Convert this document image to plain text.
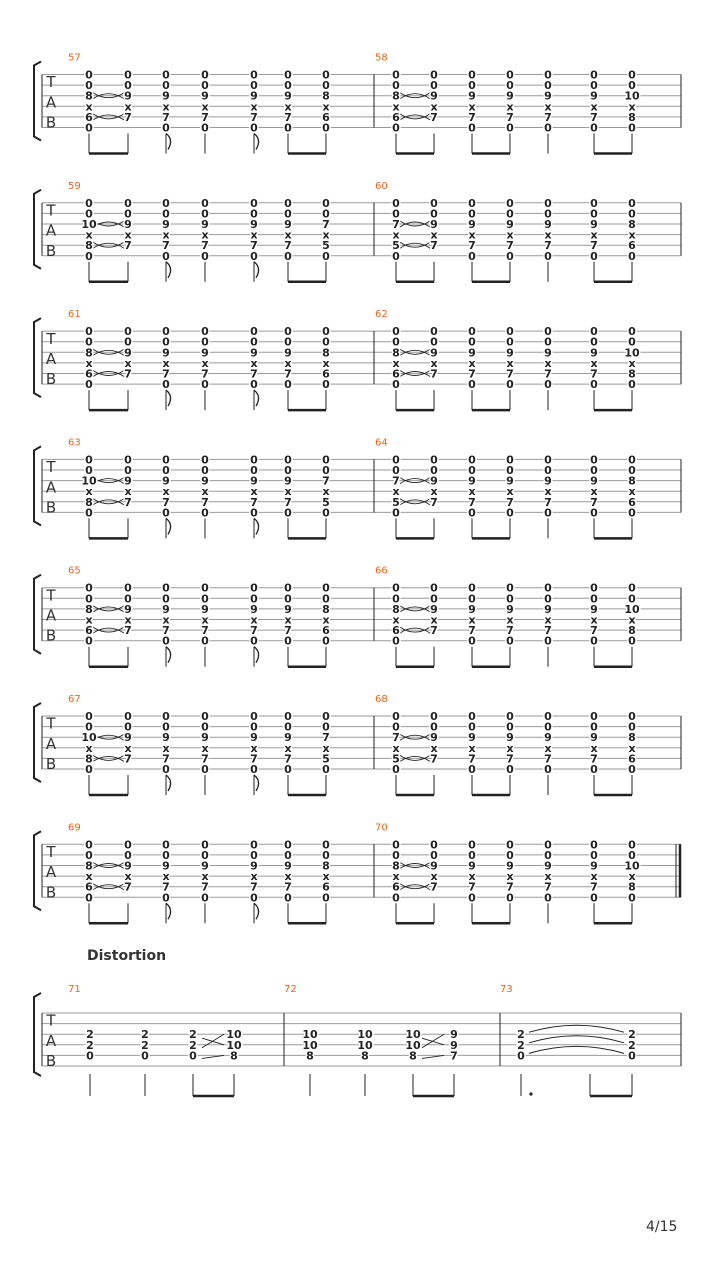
T
A
B
57
0
0
8
x
6
0
0
0
9
x
7
0
0
9
x
7
0
0
0
9
x
7
0
0
0
9
x
7
0
0
0
9
x
7
0
0
0
8
x
6
0
58
0
0
8
x
6
0
0
0
9
x
7
0
0
9
x
7
0
0
0
9
x
7
0
0
0
9
x
7
0
0
0
9
x
7
0
0
0
10
x
8
0
T
A
B
59
0
0
10
x
8
0
0
0
9
x
7
0
0
9
x
7
0
0
0
9
x
7
0
0
0
9
x
7
0
0
0
9
x
7
0
0
0
7
x
5
0
60
0
0
7
x
5
0
0
0
9
x
7
0
0
9
x
7
0
0
0
9
x
7
0
0
0
9
x
7
0
0
0
9
x
7
0
0
0
8
x
6
0
T
A
B
61
0
0
8
x
6
0
0
0
9
x
7
0
0
9
x
7
0
0
0
9
x
7
0
0
0
9
x
7
0
0
0
9
x
7
0
0
0
8
x
6
0
62
0
0
8
x
6
0
0
0
9
x
7
0
0
9
x
7
0
0
0
9
x
7
0
0
0
9
x
7
0
0
0
9
x
7
0
0
0
10
x
8
0
T
A
B
63
0
0
10
x
8
0
0
0
9
x
7
0
0
9
x
7
0
0
0
9
x
7
0
0
0
9
x
7
0
0
0
9
x
7
0
0
0
7
x
5
0
64
0
0
7
x
5
0
0
0
9
x
7
0
0
9
x
7
0
0
0
9
x
7
0
0
0
9
x
7
0
0
0
9
x
7
0
0
0
8
x
6
0
T
A
B
65
0
0
8
x
6
0
0
0
9
x
7
0
0
9
x
7
0
0
0
9
x
7
0
0
0
9
x
7
0
0
0
9
x
7
0
0
0
8
x
6
0
66
0
0
8
x
6
0
0
0
9
x
7
0
0
9
x
7
0
0
0
9
x
7
0
0
0
9
x
7
0
0
0
9
x
7
0
0
0
10
x
8
0
T
A
B
67
0
0
10
x
8
0
0
0
9
x
7
0
0
9
x
7
0
0
0
9
x
7
0
0
0
9
x
7
0
0
0
9
x
7
0
0
0
7
x
5
0
68
0
0
7
x
5
0
0
0
9
x
7
0
0
9
x
7
0
0
0
9
x
7
0
0
0
9
x
7
0
0
0
9
x
7
0
0
0
8
x
6
0
T
A
B
69
0
0
8
x
6
0
0
0
9
x
7
0
0
9
x
7
0
0
0
9
x
7
0
0
0
9
x
7
0
0
0
9
x
7
0
0
0
8
x
6
0
70
0
0
8
x
6
0
0
0
9
x
7
0
0
9
x
7
0
0
0
9
x
7
0
0
0
9
x
7
0
0
0
9
x
7
0
0
0
10
x
8
0
T
A
B
71
2
2
0
2
2
0
2
2
0
10
10
8
72
10
10
8
10
10
8
10
10
8
9
9
7
73
2
2
0
2
2
0
Distortion
4/15
